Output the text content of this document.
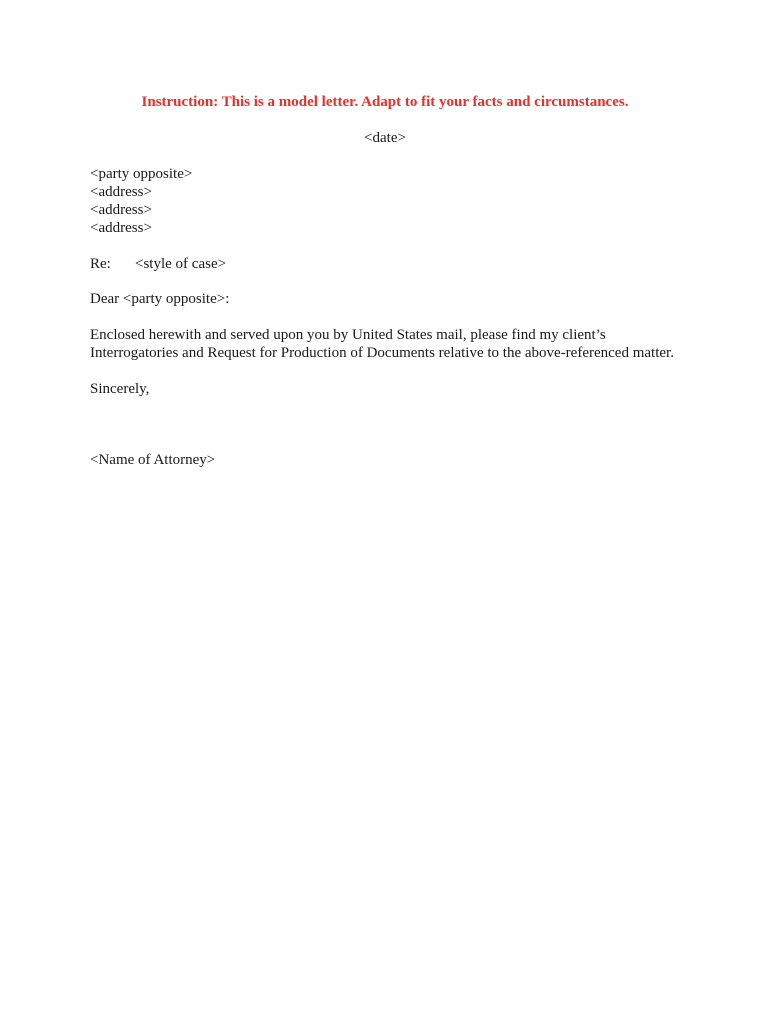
Instruction: This is a model letter. Adapt to fit your facts and circumstances.
<date>
<party opposite>
<address>
<address>
<address>
Re: <style of case>
Dear <party opposite>:
Enclosed herewith and served upon you by United States mail, please find my client’s
Interrogatories and Request for Production of Documents relative to the above-referenced matter.
Sincerely,
<Name of Attorney>
